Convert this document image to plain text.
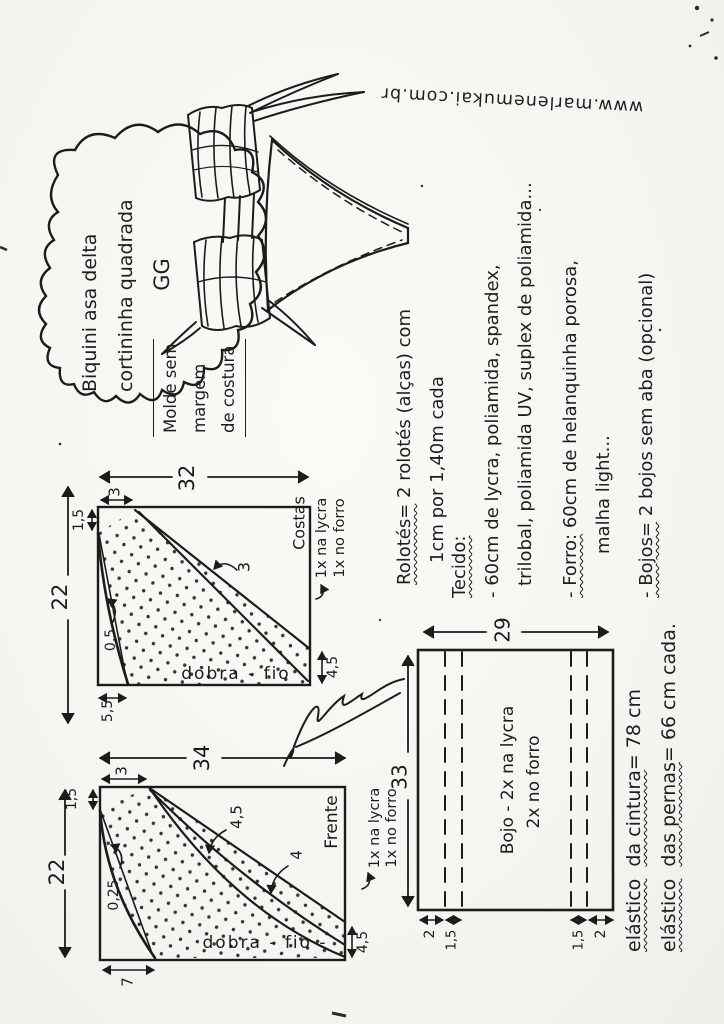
32
22
3
1,5
0,5
5,5
4,5
3
dobra - fio
Costas 1x na lycra 1x no forro
34
22
3
1,5
0,25
7
4,5
4,5
4
dobra - fio -
Frente 1x na lycra 1x no forro
29
33	Bojo - 2x na lycra 2x no forro
2 1,5	1,5 2
www.marlenemukai.com.br
Biquini asa delta cortininha quadrada GG
Molde sem margem de costura
Rolotés= 2 rolotés (alças) com 1cm por 1,40m cada
Tecido: - 60cm de lycra, poliamida, spandex, trilobal, poliamida UV, suplex de poliamida...	- Forro: 60cm de helanquinha porosa, malha light...
- Bojos= 2 bojos sem aba (opcional)
elástico  da cintura= 78 cm
elástico  das pernas= 66 cm cada.
